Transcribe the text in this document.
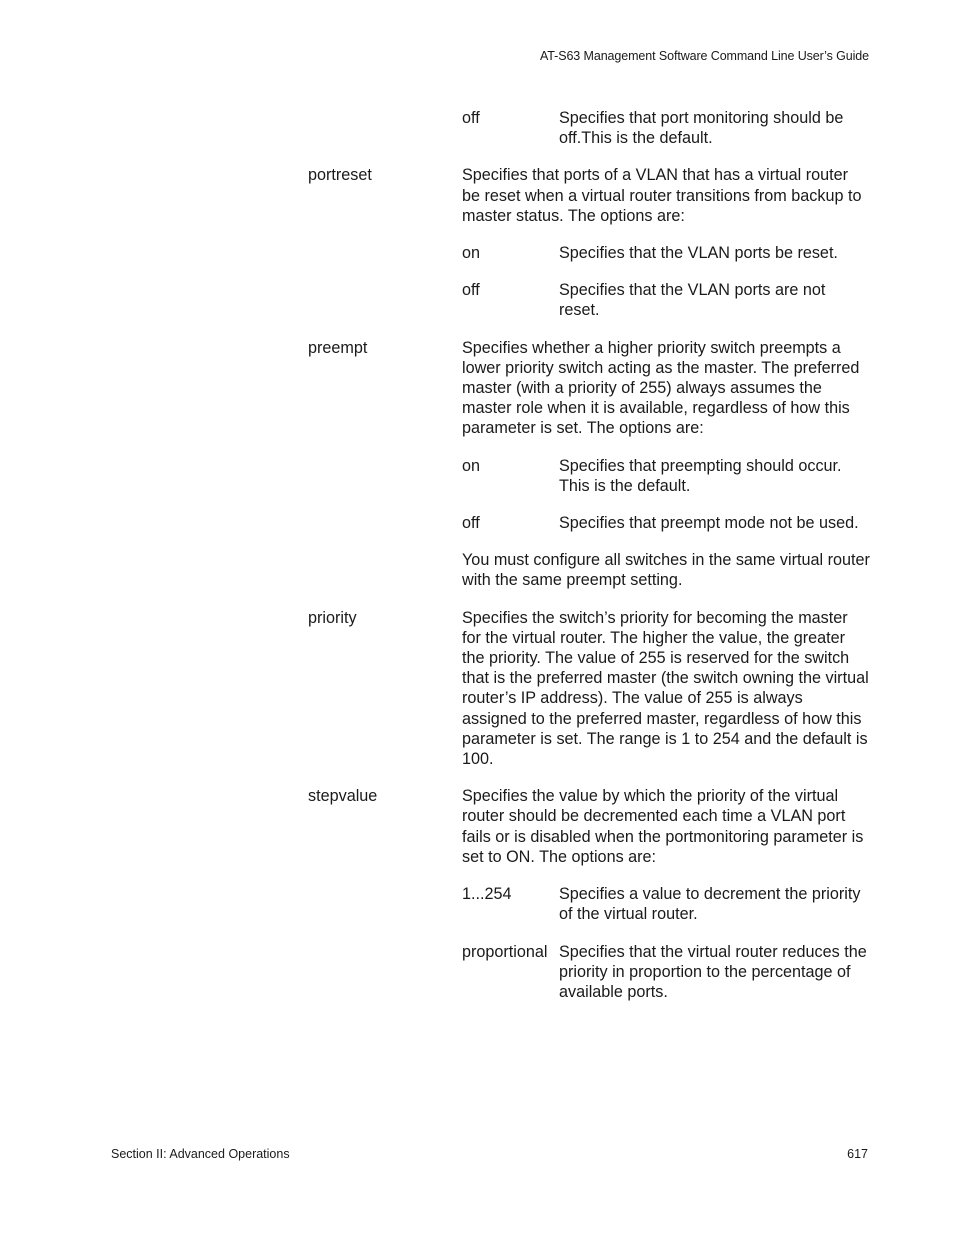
AT-S63 Management Software Command Line User’s Guide
off	Specifies that port monitoring should be off.This is the default.
portreset	Specifies that ports of a VLAN that has a virtual router be reset when a virtual router transitions from backup to master status. The options are:
on	Specifies that the VLAN ports be reset.
off	Specifies that the VLAN ports are not reset.
preempt	Specifies whether a higher priority switch preempts a lower priority switch acting as the master. The preferred master (with a priority of 255) always assumes the master role when it is available, regardless of how this parameter is set. The options are:
on	Specifies that preempting should occur. This is the default.
off	Specifies that preempt mode not be used.
You must configure all switches in the same virtual router with the same preempt setting.
priority	Specifies the switch’s priority for becoming the master for the virtual router. The higher the value, the greater the priority. The value of 255 is reserved for the switch that is the preferred master (the switch owning the virtual router’s IP address). The value of 255 is always assigned to the preferred master, regardless of how this parameter is set. The range is 1 to 254 and the default is 100.
stepvalue	Specifies the value by which the priority of the virtual router should be decremented each time a VLAN port fails or is disabled when the portmonitoring parameter is set to ON. The options are:
1...254	Specifies a value to decrement the priority of the virtual router.
proportional Specifies that the virtual router reduces the priority in proportion to the percentage of available ports.
Section II: Advanced Operations	617
